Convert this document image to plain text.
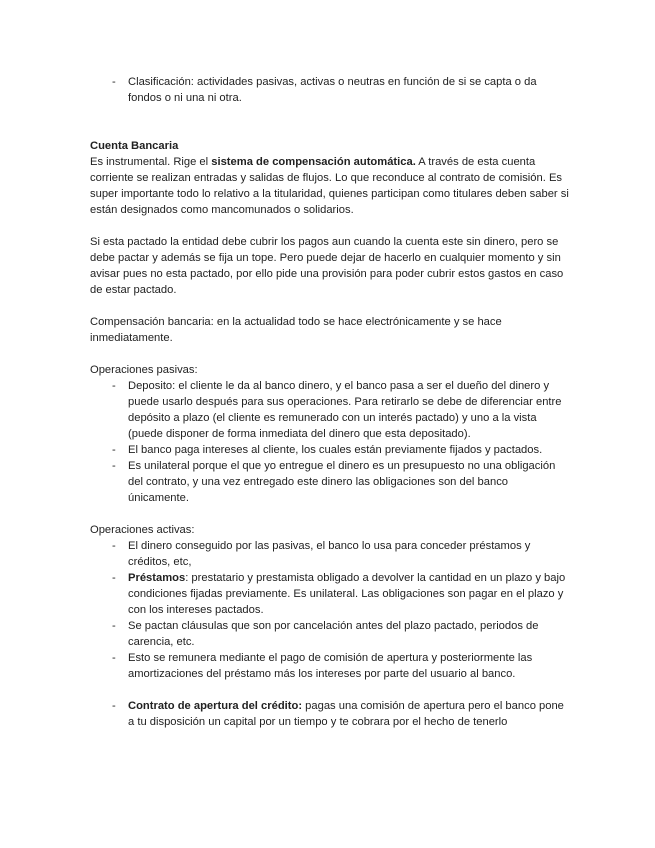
- Clasificación: actividades pasivas, activas o neutras en función de si se capta o da fondos o ni una ni otra.

Cuenta Bancaria

Es instrumental. Rige el sistema de compensación automática. A través de esta cuenta corriente se realizan entradas y salidas de flujos. Lo que reconduce al contrato de comisión. Es super importante todo lo relativo a la titularidad, quienes participan como titulares deben saber si están designados como mancomunados o solidarios.

Si esta pactado la entidad debe cubrir los pagos aun cuando la cuenta este sin dinero, pero se debe pactar y además se fija un tope. Pero puede dejar de hacerlo en cualquier momento y sin avisar pues no esta pactado, por ello pide una provisión para poder cubrir estos gastos en caso de estar pactado.

Compensación bancaria: en la actualidad todo se hace electrónicamente y se hace inmediatamente.

Operaciones pasivas:

- Deposito: el cliente le da al banco dinero, y el banco pasa a ser el dueño del dinero y puede usarlo después para sus operaciones. Para retirarlo se debe de diferenciar entre depósito a plazo (el cliente es remunerado con un interés pactado) y uno a la vista (puede disponer de forma inmediata del dinero que esta depositado).
- El banco paga intereses al cliente, los cuales están previamente fijados y pactados.
- Es unilateral porque el que yo entregue el dinero es un presupuesto no una obligación del contrato, y una vez entregado este dinero las obligaciones son del banco únicamente.

Operaciones activas:

- El dinero conseguido por las pasivas, el banco lo usa para conceder préstamos y créditos, etc,
- Préstamos: prestatario y prestamista obligado a devolver la cantidad en un plazo y bajo condiciones fijadas previamente. Es unilateral. Las obligaciones son pagar en el plazo y con los intereses pactados.
- Se pactan cláusulas que son por cancelación antes del plazo pactado, periodos de carencia, etc.
- Esto se remunera mediante el pago de comisión de apertura y posteriormente las amortizaciones del préstamo más los intereses por parte del usuario al banco.
- Contrato de apertura del crédito: pagas una comisión de apertura pero el banco pone a tu disposición un capital por un tiempo y te cobrara por el hecho de tenerlo
